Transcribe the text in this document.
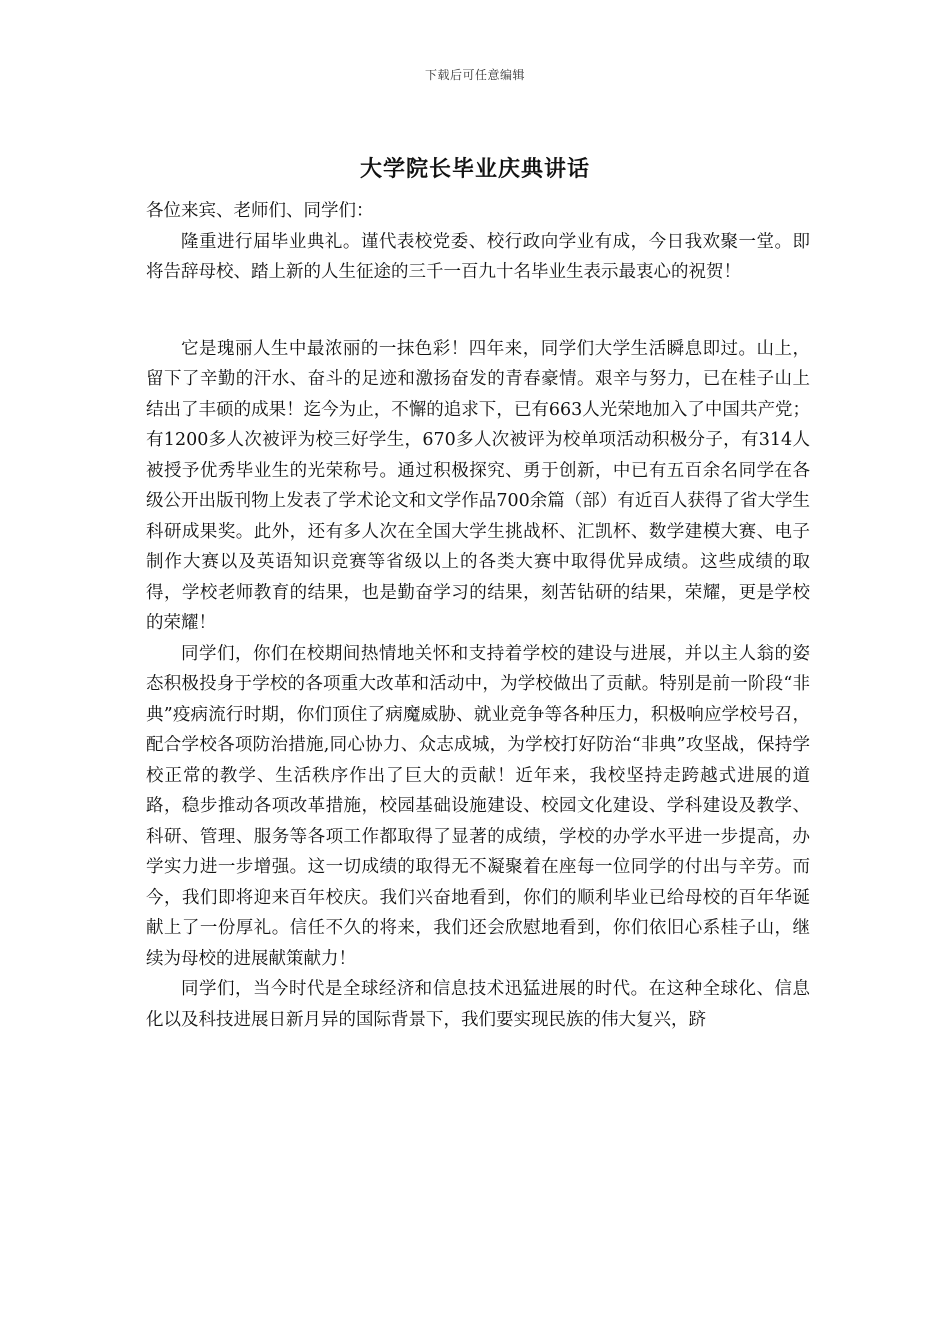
下载后可任意编辑
大学院长毕业庆典讲话

各位来宾、老师们、同学们：

隆重进行届毕业典礼。谨代表校党委、校行政向学业有成，今日我欢聚一堂。即将告辞母校、踏上新的人生征途的三千一百九十名毕业生表示最衷心的祝贺！

它是瑰丽人生中最浓丽的一抹色彩！四年来，同学们大学生活瞬息即过。山上，留下了辛勤的汗水、奋斗的足迹和激扬奋发的青春豪情。艰辛与努力，已在桂子山上结出了丰硕的成果！迄今为止，不懈的追求下，已有663人光荣地加入了中国共产党；有1200多人次被评为校三好学生，670多人次被评为校单项活动积极分子，有314人被授予优秀毕业生的光荣称号。通过积极探究、勇于创新，中已有五百余名同学在各级公开出版刊物上发表了学术论文和文学作品700余篇（部）有近百人获得了省大学生科研成果奖。此外，还有多人次在全国大学生挑战杯、汇凯杯、数学建模大赛、电子制作大赛以及英语知识竞赛等省级以上的各类大赛中取得优异成绩。这些成绩的取得，学校老师教育的结果，也是勤奋学习的结果，刻苦钻研的结果，荣耀，更是学校的荣耀！

同学们，你们在校期间热情地关怀和支持着学校的建设与进展，并以主人翁的姿态积极投身于学校的各项重大改革和活动中，为学校做出了贡献。特别是前一阶段“非典”疫病流行时期，你们顶住了病魔威胁、就业竞争等各种压力，积极响应学校号召，配合学校各项防治措施,同心协力、众志成城，为学校打好防治“非典”攻坚战，保持学校正常的教学、生活秩序作出了巨大的贡献！近年来，我校坚持走跨越式进展的道路，稳步推动各项改革措施，校园基础设施建设、校园文化建设、学科建设及教学、科研、管理、服务等各项工作都取得了显著的成绩，学校的办学水平进一步提高，办学实力进一步增强。这一切成绩的取得无不凝聚着在座每一位同学的付出与辛劳。而今，我们即将迎来百年校庆。我们兴奋地看到，你们的顺利毕业已给母校的百年华诞献上了一份厚礼。信任不久的将来，我们还会欣慰地看到，你们依旧心系桂子山，继续为母校的进展献策献力！

同学们，当今时代是全球经济和信息技术迅猛进展的时代。在这种全球化、信息化以及科技进展日新月异的国际背景下，我们要实现民族的伟大复兴，跻
